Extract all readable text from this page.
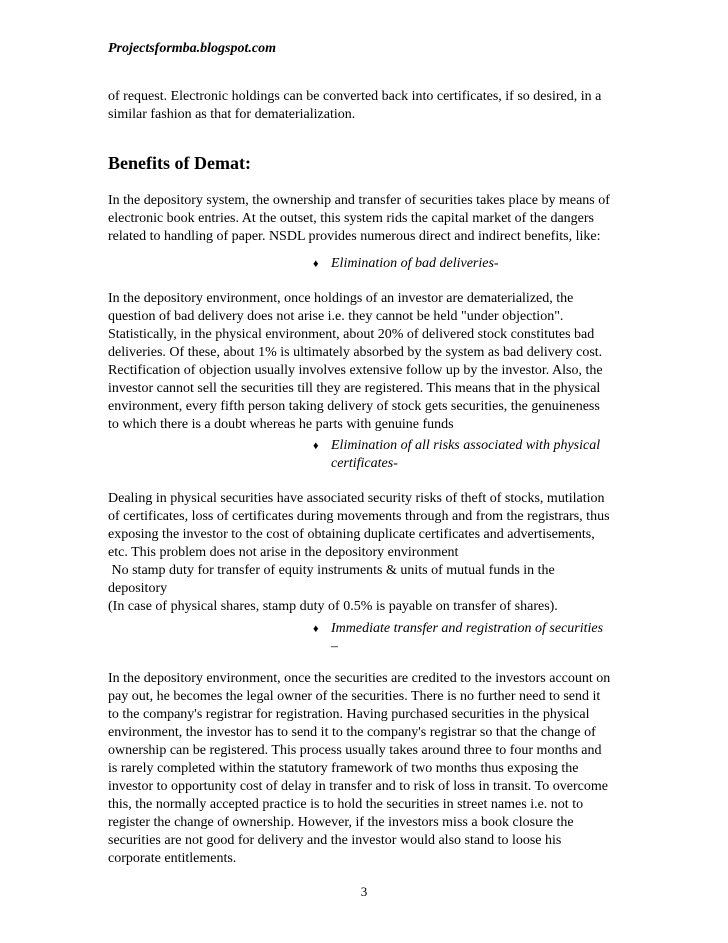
Projectsformba.blogspot.com

of request. Electronic holdings can be converted back into certificates, if so desired, in a
similar fashion as that for dematerialization.

Benefits of Demat:

In the depository system, the ownership and transfer of securities takes place by means of
electronic book entries. At the outset, this system rids the capital market of the dangers
related to handling of paper. NSDL provides numerous direct and indirect benefits, like:

♦ Elimination of bad deliveries-

In the depository environment, once holdings of an investor are dematerialized, the
question of bad delivery does not arise i.e. they cannot be held "under objection".
Statistically, in the physical environment, about 20% of delivered stock constitutes bad
deliveries. Of these, about 1% is ultimately absorbed by the system as bad delivery cost.
Rectification of objection usually involves extensive follow up by the investor. Also, the
investor cannot sell the securities till they are registered. This means that in the physical
environment, every fifth person taking delivery of stock gets securities, the genuineness
to which there is a doubt whereas he parts with genuine funds

♦ Elimination of all risks associated with physical
certificates-

Dealing in physical securities have associated security risks of theft of stocks, mutilation
of certificates, loss of certificates during movements through and from the registrars, thus
exposing the investor to the cost of obtaining duplicate certificates and advertisements,
etc. This problem does not arise in the depository environment
No stamp duty for transfer of equity instruments & units of mutual funds in the
depository
(In case of physical shares, stamp duty of 0.5% is payable on transfer of shares).

♦ Immediate transfer and registration of securities
–

In the depository environment, once the securities are credited to the investors account on
pay out, he becomes the legal owner of the securities. There is no further need to send it
to the company's registrar for registration. Having purchased securities in the physical
environment, the investor has to send it to the company's registrar so that the change of
ownership can be registered. This process usually takes around three to four months and
is rarely completed within the statutory framework of two months thus exposing the
investor to opportunity cost of delay in transfer and to risk of loss in transit. To overcome
this, the normally accepted practice is to hold the securities in street names i.e. not to
register the change of ownership. However, if the investors miss a book closure the
securities are not good for delivery and the investor would also stand to loose his
corporate entitlements.

3
